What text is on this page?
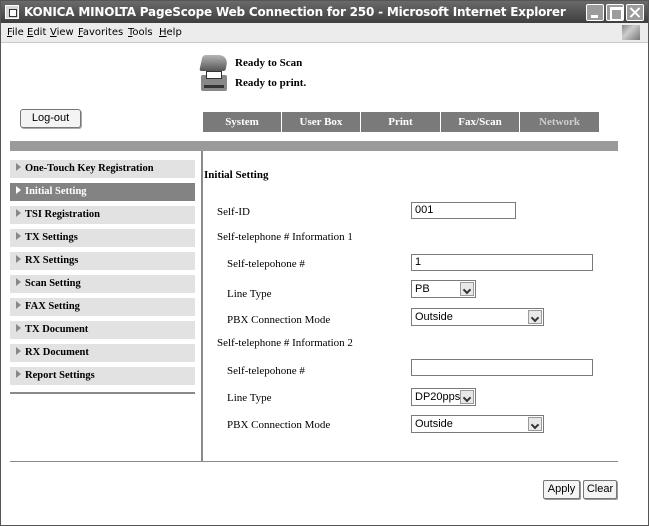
KONICA MINOLTA PageScope Web Connection for 250 - Microsoft Internet Explorer
File Edit View Favorites Tools Help
Ready to Scan
Ready to print.
Log-out	System	User Box	Print	Fax/Scan	Network
One-Touch Key Registration
Initial Setting
TSI Registration
TX Settings
RX Settings
Scan Setting
FAX Setting
TX Document
RX Document
Report Settings
Initial Setting
Self-ID	001
Self-telephone # Information 1
Self-telepohone #	1
Line Type	PB
PBX Connection Mode	Outside
Self-telephone # Information 2
Self-telepohone #
Line Type	DP20pps
PBX Connection Mode	Outside
Apply	Clear
